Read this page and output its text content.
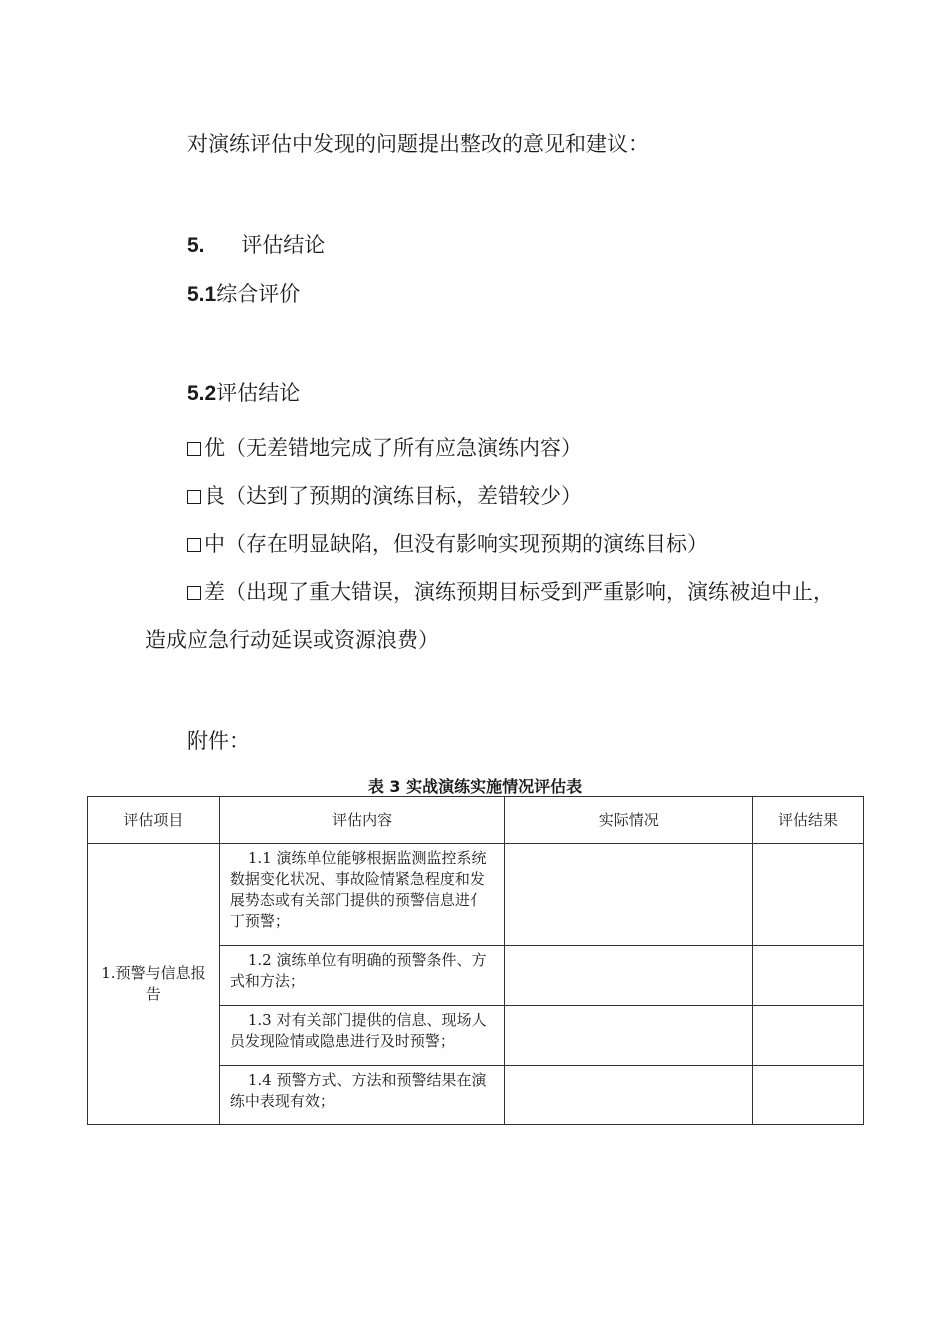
对演练评估中发现的问题提出整改的意见和建议：
5. 评估结论
5.1综合评价
5.2评估结论
优（无差错地完成了所有应急演练内容）
良（达到了预期的演练目标，差错较少）
中（存在明显缺陷，但没有影响实现预期的演练目标）
差（出现了重大错误，演练预期目标受到严重影响，演练被迫中止，
造成应急行动延误或资源浪费）
附件：
表 3 实战演练实施情况评估表
评估项目	评估内容	实际情况	评估结果
1.预警与信息报告	1.1 演练单位能够根据监测监控系统数据变化状况、事故险情紧急程度和发展势态或有关部门提供的预警信息进亻丁预警；		
	1.2 演练单位有明确的预警条件、方式和方法；		

	1.3 对有关部门提供的信息、现场人员发现险情或隐患进行及时预警；		

	1.4 预警方式、方法和预警结果在演练中表现有效；		
